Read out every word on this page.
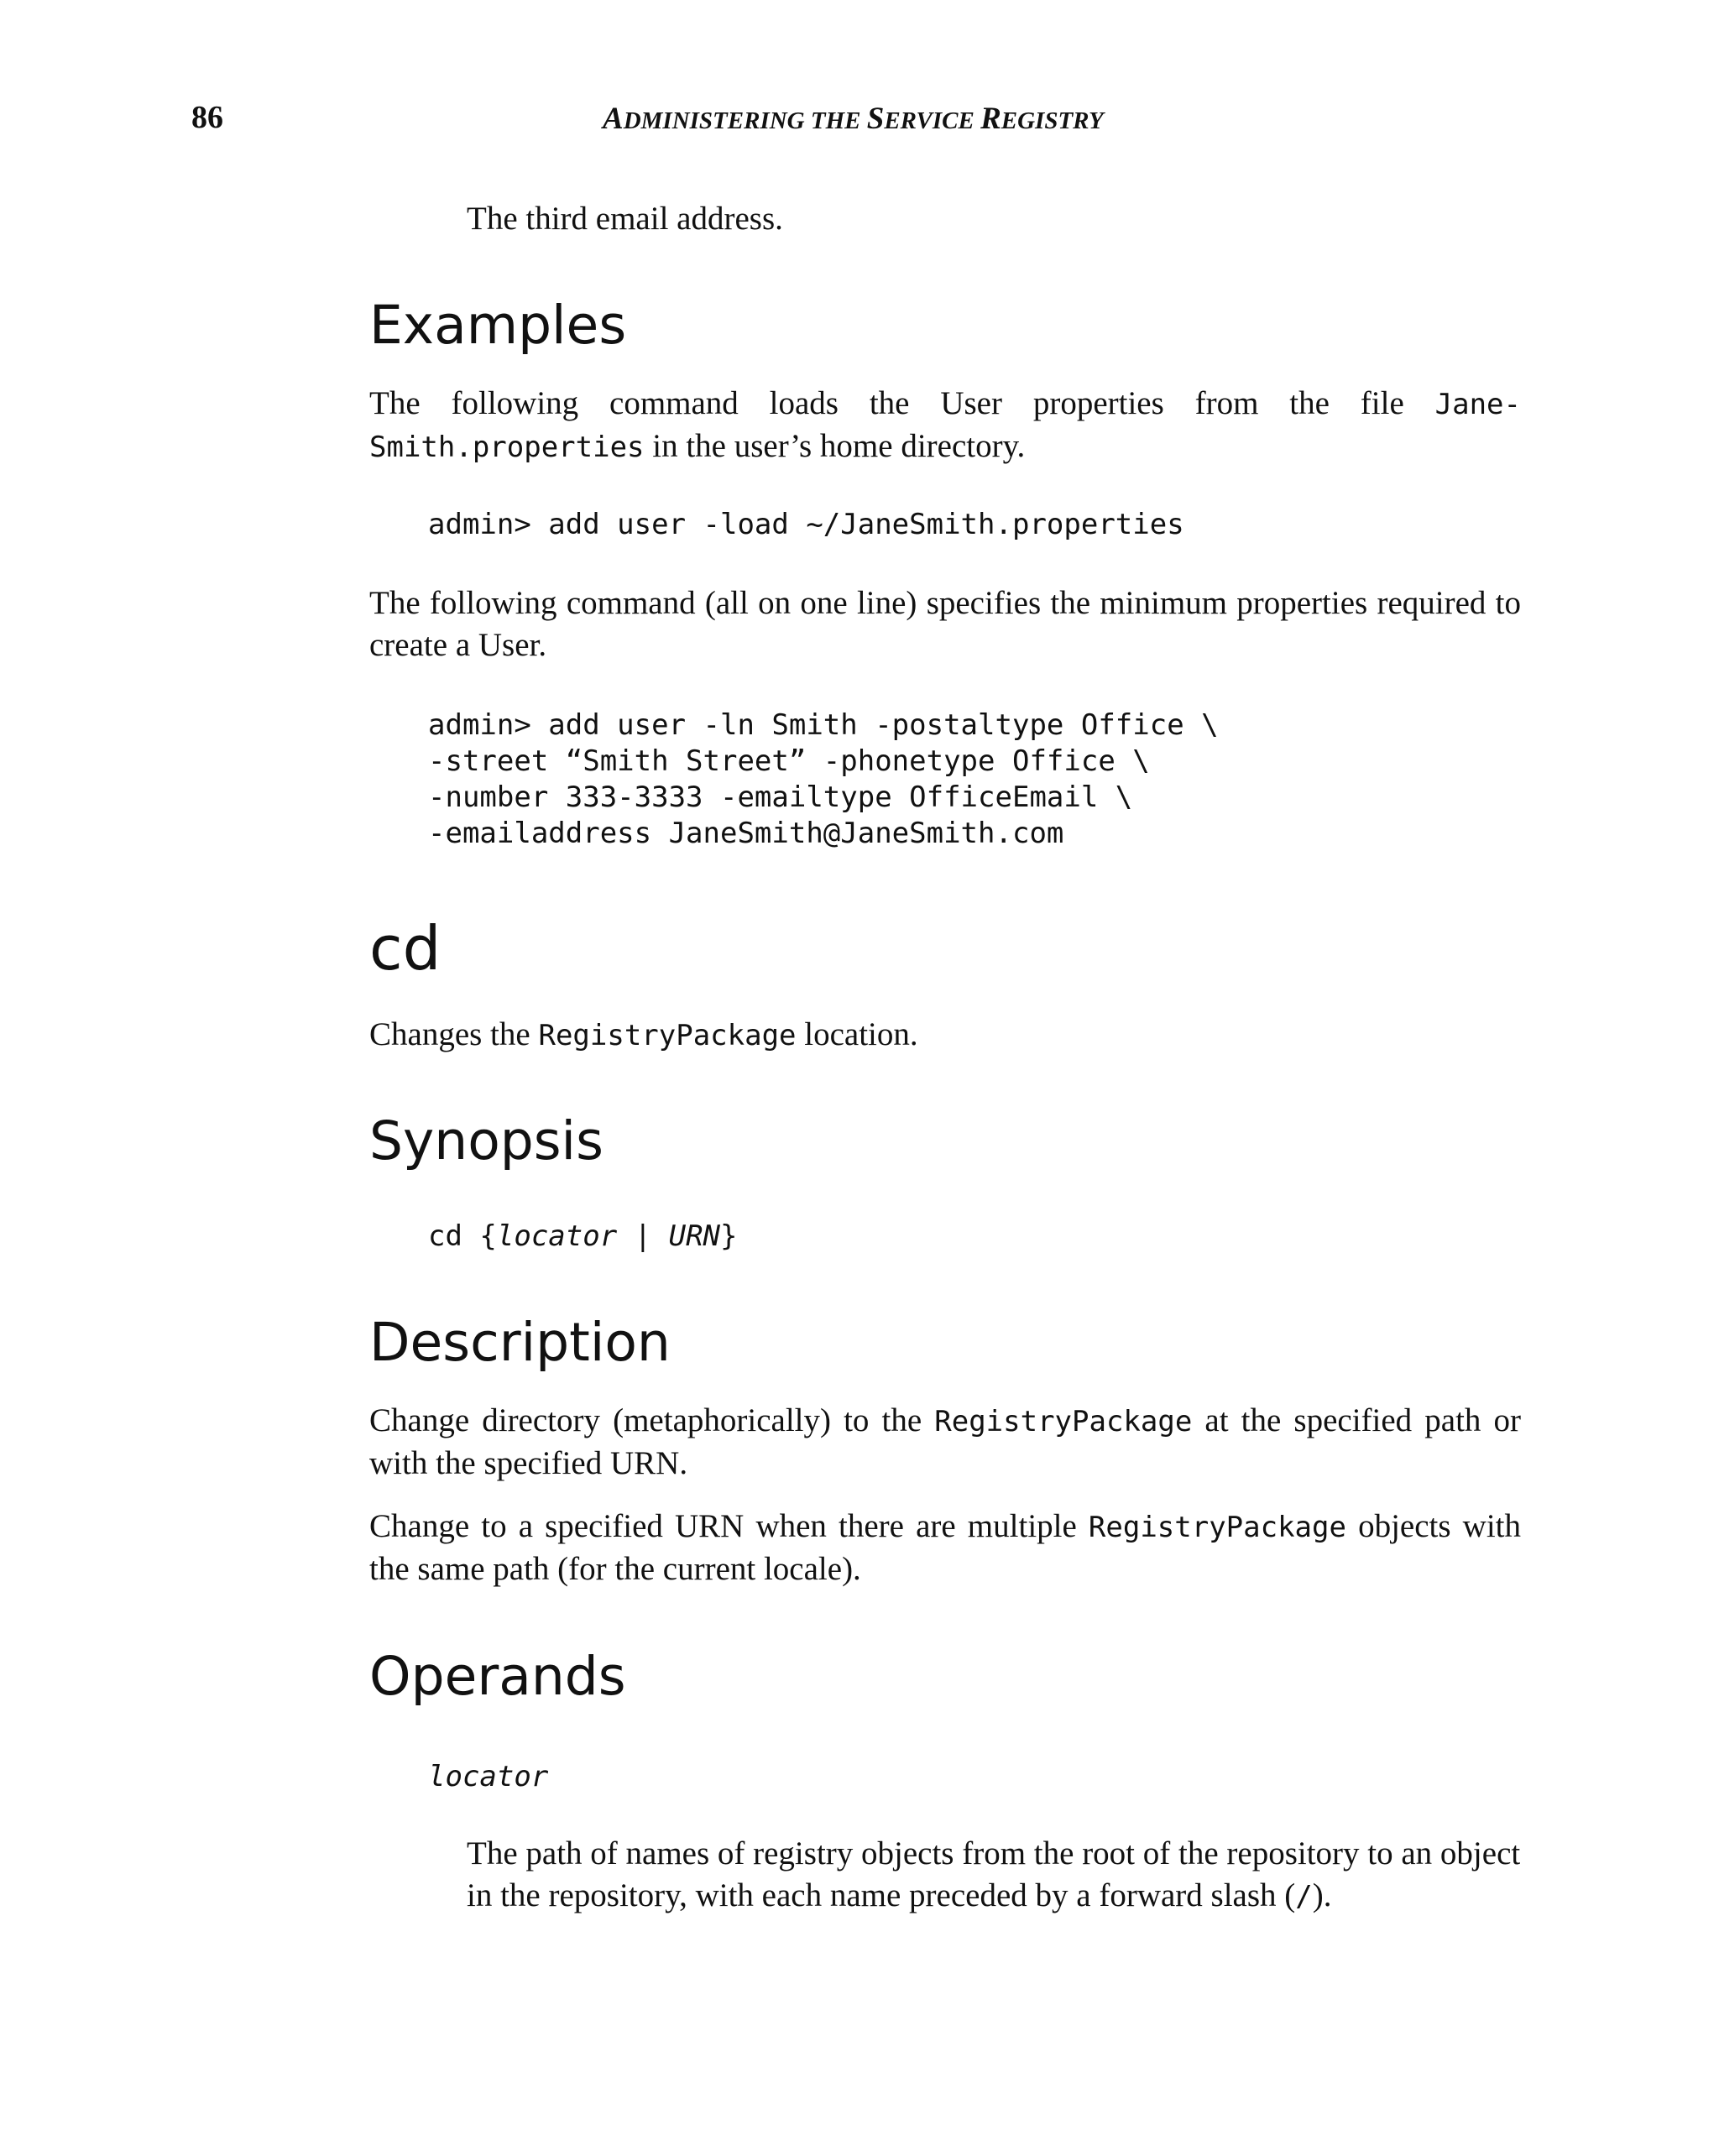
86	ADMINISTERING THE SERVICE REGISTRY

The third email address.

Examples

The following command loads the User properties from the file Jane-Smith.properties in the user’s home directory.

admin> add user -load ~/JaneSmith.properties

The following command (all on one line) specifies the minimum properties required to create a User.

admin> add user -ln Smith -postaltype Office \
-street “Smith Street” -phonetype Office \
-number 333-3333 -emailtype OfficeEmail \
-emailaddress JaneSmith@JaneSmith.com
cd

Changes the RegistryPackage location.

Synopsis
cd {locator | URN}
Description

Change directory (metaphorically) to the RegistryPackage at the specified path or with the specified URN.

Change to a specified URN when there are multiple RegistryPackage objects with the same path (for the current locale).

Operands
locator

The path of names of registry objects from the root of the repository to an object in the repository, with each name preceded by a forward slash (/).
